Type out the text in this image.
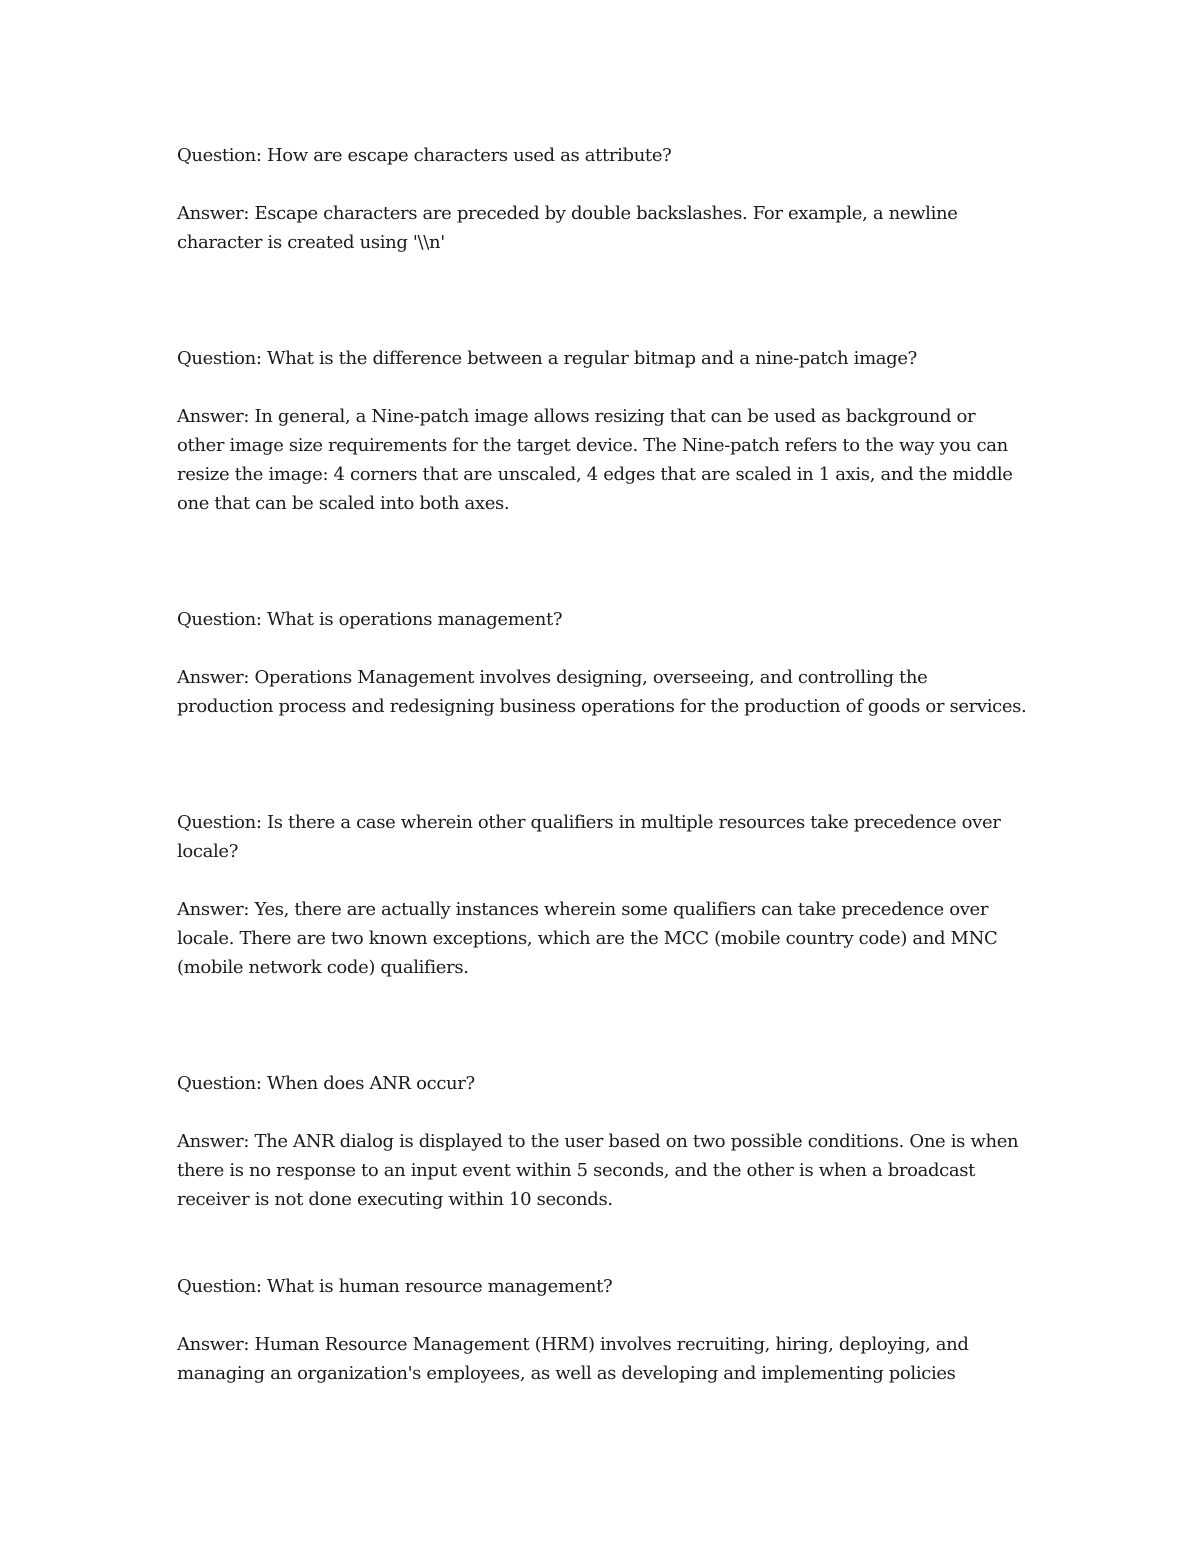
Question: How are escape characters used as attribute?

Answer: Escape characters are preceded by double backslashes. For example, a newline character is created using '\\n'

Question: What is the difference between a regular bitmap and a nine-patch image?

Answer: In general, a Nine-patch image allows resizing that can be used as background or other image size requirements for the target device. The Nine-patch refers to the way you can resize the image: 4 corners that are unscaled, 4 edges that are scaled in 1 axis, and the middle one that can be scaled into both axes.

Question: What is operations management?

Answer: Operations Management involves designing, overseeing, and controlling the production process and redesigning business operations for the production of goods or services.

Question: Is there a case wherein other qualifiers in multiple resources take precedence over locale?

Answer: Yes, there are actually instances wherein some qualifiers can take precedence over locale. There are two known exceptions, which are the MCC (mobile country code) and MNC (mobile network code) qualifiers.

Question: When does ANR occur?

Answer: The ANR dialog is displayed to the user based on two possible conditions. One is when there is no response to an input event within 5 seconds, and the other is when a broadcast receiver is not done executing within 10 seconds.

Question: What is human resource management?

Answer: Human Resource Management (HRM) involves recruiting, hiring, deploying, and managing an organization's employees, as well as developing and implementing policies
